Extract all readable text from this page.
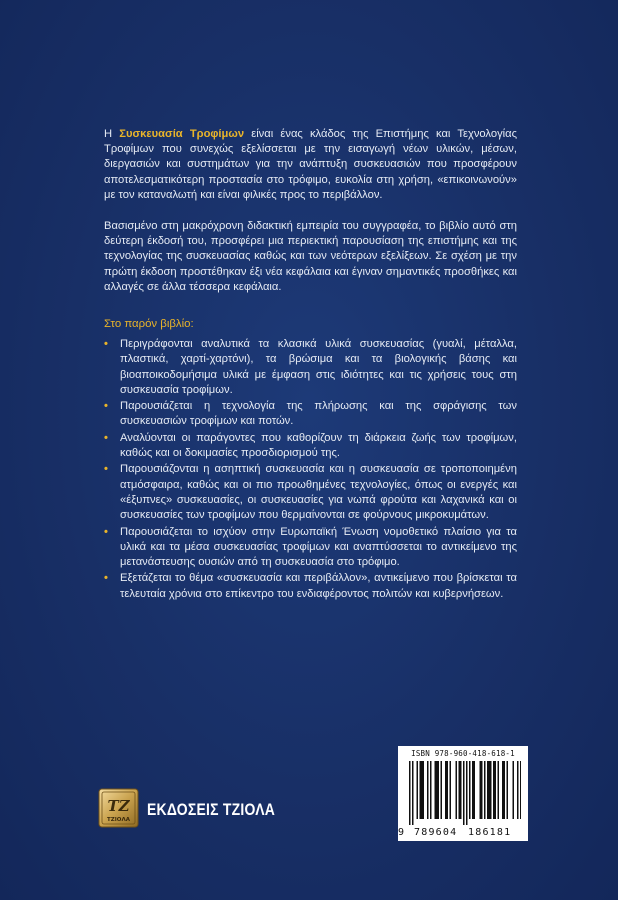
Η Συσκευασία Τροφίμων είναι ένας κλάδος της Επιστήμης και Τεχνολογίας Τροφίμων που συνεχώς εξελίσσεται με την εισαγωγή νέων υλικών, μέσων, διεργασιών και συστημάτων για την ανάπτυξη συσκευασιών που προσφέρουν αποτελεσματικότερη προστασία στο τρόφιμο, ευκολία στη χρήση, «επικοινωνούν» με τον καταναλωτή και είναι φιλικές προς το περιβάλλον.

Βασισμένο στη μακρόχρονη διδακτική εμπειρία του συγγραφέα, το βιβλίο αυτό στη δεύτερη έκδοσή του, προσφέρει μια περιεκτική παρουσίαση της επιστήμης και της τεχνολογίας της συσκευασίας καθώς και των νεότερων εξελίξεων. Σε σχέση με την πρώτη έκδοση προστέθηκαν έξι νέα κεφάλαια και έγιναν σημαντικές προσθήκες και αλλαγές σε άλλα τέσσερα κεφάλαια.

Στο παρόν βιβλίο:
• Περιγράφονται αναλυτικά τα κλασικά υλικά συσκευασίας (γυαλί, μέταλλα, πλαστικά, χαρτί-χαρτόνι), τα βρώσιμα και τα βιολογικής βάσης και βιοαποικοδομήσιμα υλικά με έμφαση στις ιδιότητες και τις χρήσεις τους στη συσκευασία τροφίμων.
• Παρουσιάζεται η τεχνολογία της πλήρωσης και της σφράγισης των συσκευασιών τροφίμων και ποτών.
• Αναλύονται οι παράγοντες που καθορίζουν τη διάρκεια ζωής των τροφίμων, καθώς και οι δοκιμασίες προσδιορισμού της.
• Παρουσιάζονται η ασηπτική συσκευασία και η συσκευασία σε τροποποιημένη ατμόσφαιρα, καθώς και οι πιο προωθημένες τεχνολογίες, όπως οι ενεργές και «έξυπνες» συσκευασίες, οι συσκευασίες για νωπά φρούτα και λαχανικά και οι συσκευασίες των τροφίμων που θερμαίνονται σε φούρνους μικροκυμάτων.
• Παρουσιάζεται το ισχύον στην Ευρωπαϊκή Ένωση νομοθετικό πλαίσιο για τα υλικά και τα μέσα συσκευασίας τροφίμων και αναπτύσσεται το αντικείμενο της μετανάστευσης ουσιών από τη συσκευασία στο τρόφιμο.
• Εξετάζεται το θέμα «συσκευασία και περιβάλλον», αντικείμενο που βρίσκεται τα τελευταία χρόνια στο επίκεντρο του ενδιαφέροντος πολιτών και κυβερνήσεων.
ISBN 978-960-418-618-1
9 789604 186181
ΤΖ
ΤΖΙΟΛΑ
ΕΚΔΟΣΕΙΣ ΤΖΙΟΛΑ
